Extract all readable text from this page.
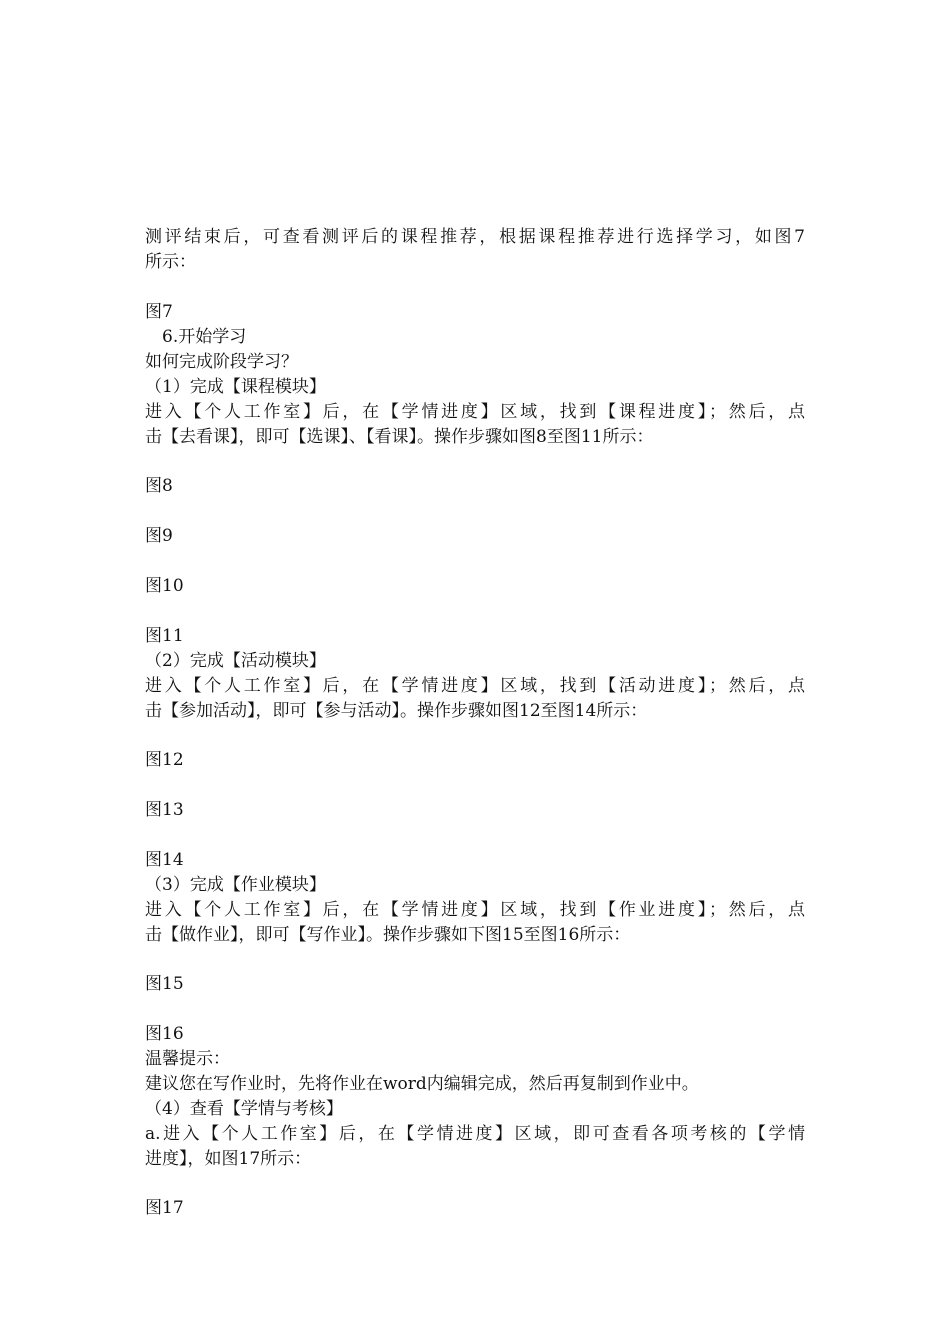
测评结束后，可查看测评后的课程推荐，根据课程推荐进行选择学习，如图7
所示：
图7
6.开始学习
如何完成阶段学习？
（1）完成【课程模块】
进入【个人工作室】后，在【学情进度】区域，找到【课程进度】；然后，点
击【去看课】，即可【选课】、【看课】。操作步骤如图8至图11所示：
图8
图9
图10
图11
（2）完成【活动模块】
进入【个人工作室】后，在【学情进度】区域，找到【活动进度】；然后，点
击【参加活动】，即可【参与活动】。操作步骤如图12至图14所示：
图12
图13
图14
（3）完成【作业模块】
进入【个人工作室】后，在【学情进度】区域，找到【作业进度】；然后，点
击【做作业】，即可【写作业】。操作步骤如下图15至图16所示：
图15
图16
温馨提示：
建议您在写作业时，先将作业在word内编辑完成，然后再复制到作业中。
（4）查看【学情与考核】
a.进入【个人工作室】后，在【学情进度】区域，即可查看各项考核的【学情
进度】，如图17所示：
图17
